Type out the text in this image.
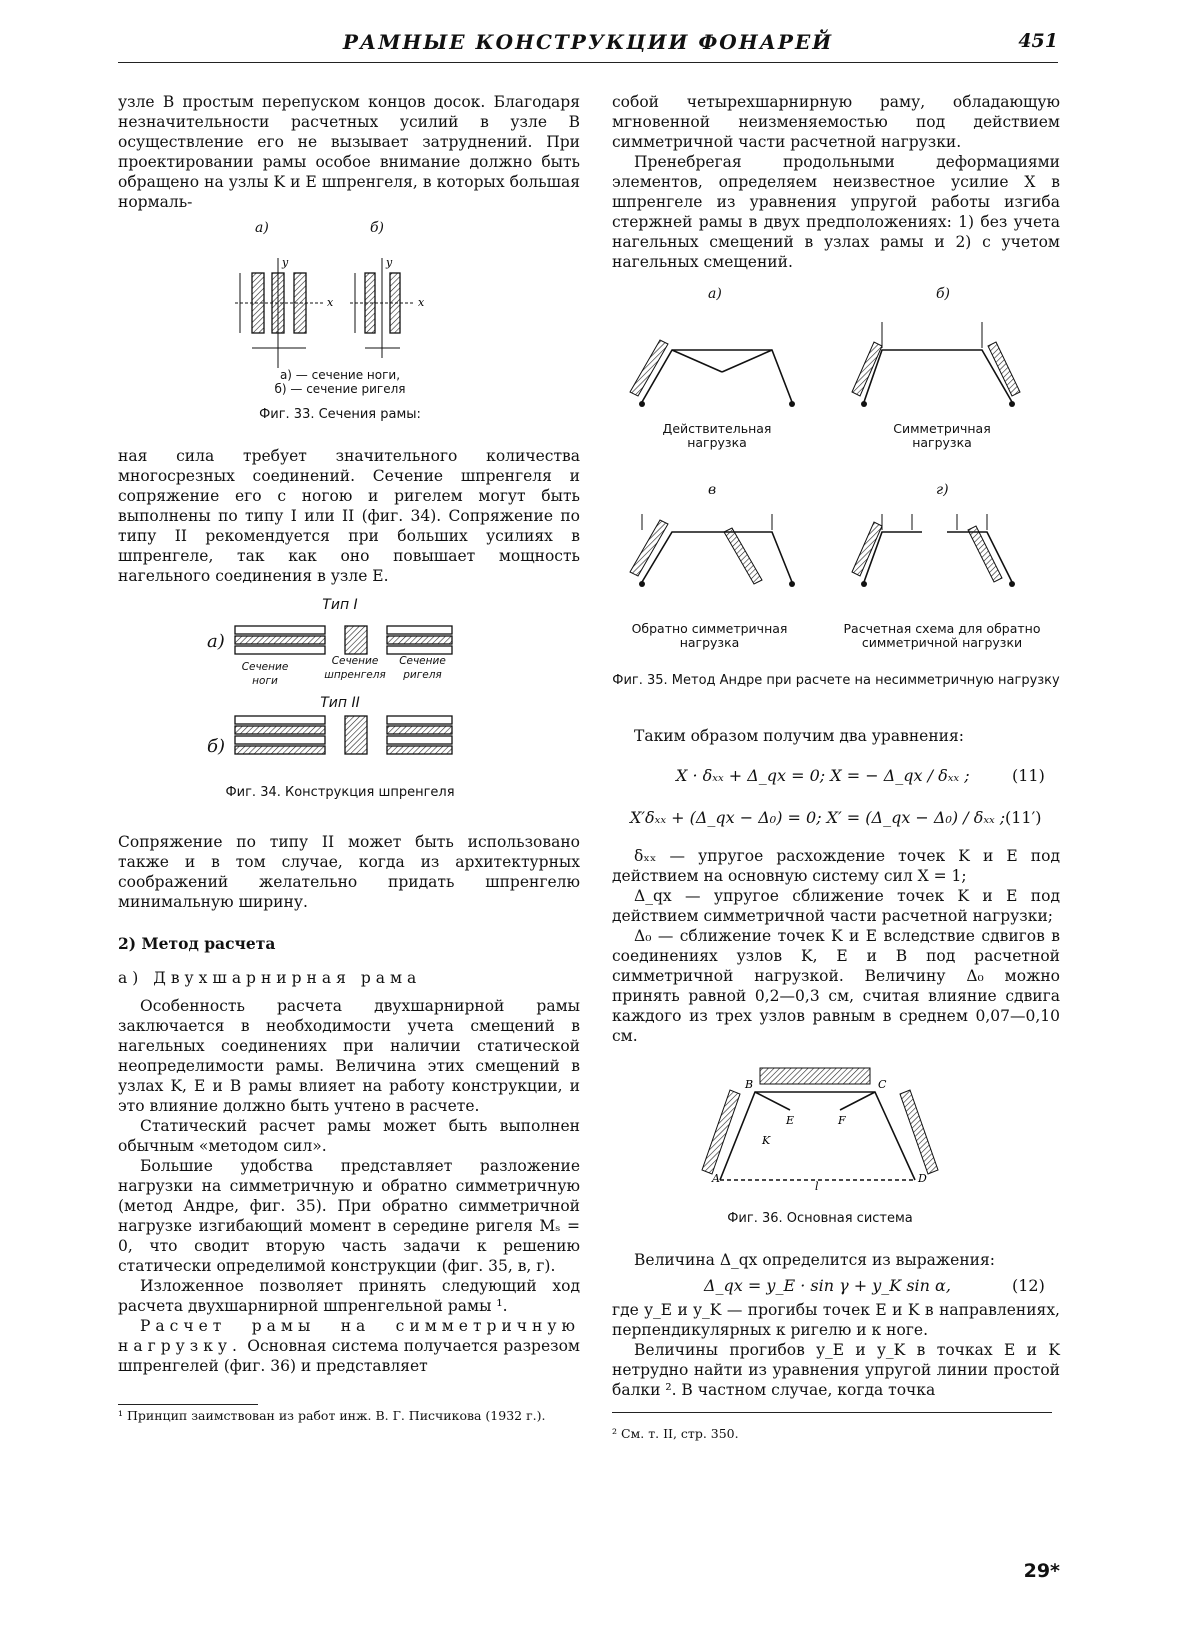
РАМНЫЕ КОНСТРУКЦИИ ФОНАРЕЙ	451

узле B простым перепуском концов досок. Благодаря незначительности расчетных усилий в узле B осуществление его не вызывает затруднений. При проектировании рамы особое внимание должно быть обращено на узлы K и E шпренгеля, в которых большая нормаль-

а)	б)
y	y
x	x
а) — сечение ноги,
б) — сечение ригеля
Фиг. 33. Сечения рамы:

ная сила требует значительного количества многосрезных соединений. Сечение шпренгеля и сопряжение его с ногою и ригелем могут быть выполнены по типу I или II (фиг. 34). Сопряжение по типу II рекомендуется при больших усилиях в шпренгеле, так как оно повышает мощность нагельного соединения в узле E.

Тип I
а)
Сечение ноги
Сечение шпренгеля
Сечение ригеля
Тип II
б)
Фиг. 34. Конструкция шпренгеля

Сопряжение по типу II может быть использовано также и в том случае, когда из архитектурных соображений желательно придать шпренгелю минимальную ширину.

2) Метод расчета

а) Двухшарнирная рама

Особенность расчета двухшарнирной рамы заключается в необходимости учета смещений в нагельных соединениях при наличии статической неопределимости рамы. Величина этих смещений в узлах K, E и B рамы влияет на работу конструкции, и это влияние должно быть учтено в расчете.

Статический расчет рамы может быть выполнен обычным «методом сил».

Большие удобства представляет разложение нагрузки на симметричную и обратно симметричную (метод Андре, фиг. 35). При обратно симметричной нагрузке изгибающий момент в середине ригеля Mₛ = 0, что сводит вторую часть задачи к решению статически определимой конструкции (фиг. 35, в, г).

Изложенное позволяет принять следующий ход расчета двухшарнирной шпренгельной рамы ¹.

Расчет рамы на симметричную нагрузку. Основная система получается разрезом шпренгелей (фиг. 36) и представляет

¹ Принцип заимствован из работ инж. В. Г. Писчикова (1932 г.).

собой четырехшарнирную раму, обладающую мгновенной неизменяемостью под действием симметричной части расчетной нагрузки.

Пренебрегая продольными деформациями элементов, определяем неизвестное усилие X в шпренгеле из уравнения упругой работы изгиба стержней рамы в двух предположениях: 1) без учета нагельных смещений в узлах рамы и 2) с учетом нагельных смещений.

а)	б)
Действительная нагрузка
Симметричная нагрузка
в	г)
Обратно симметричная нагрузка
Расчетная схема для обратно симметричной нагрузки
Фиг. 35. Метод Андре при расчете на несимметричную нагрузку

Таким образом получим два уравнения:

X · δₓₓ + Δ_qx = 0; X = − Δ_qx / δₓₓ ;	(11)
X′δₓₓ + (Δ_qx − Δ₀) = 0; X′ = (Δ_qx − Δ₀) / δₓₓ ; (11′)

δₓₓ — упругое расхождение точек K и E под действием на основную систему сил X = 1;

Δ_qx — упругое сближение точек K и E под действием симметричной части расчетной нагрузки;

Δ₀ — сближение точек K и E вследствие сдвигов в соединениях узлов K, E и B под расчетной симметричной нагрузкой. Величину Δ₀ можно принять равной 0,2—0,3 см, считая влияние сдвига каждого из трех узлов равным в среднем 0,07—0,10 см.

B	C
A	D
E	F
K
l
Фиг. 36. Основная система

Величина Δ_qx определится из выражения:

Δ_qx = y_E · sin γ + y_K sin α,	(12)

где y_E и y_K — прогибы точек E и K в направлениях, перпендикулярных к ригелю и к ноге.

Величины прогибов y_E и y_K в точках E и K нетрудно найти из уравнения упругой линии простой балки ². В частном случае, когда точка

² См. т. II, стр. 350.
29*
